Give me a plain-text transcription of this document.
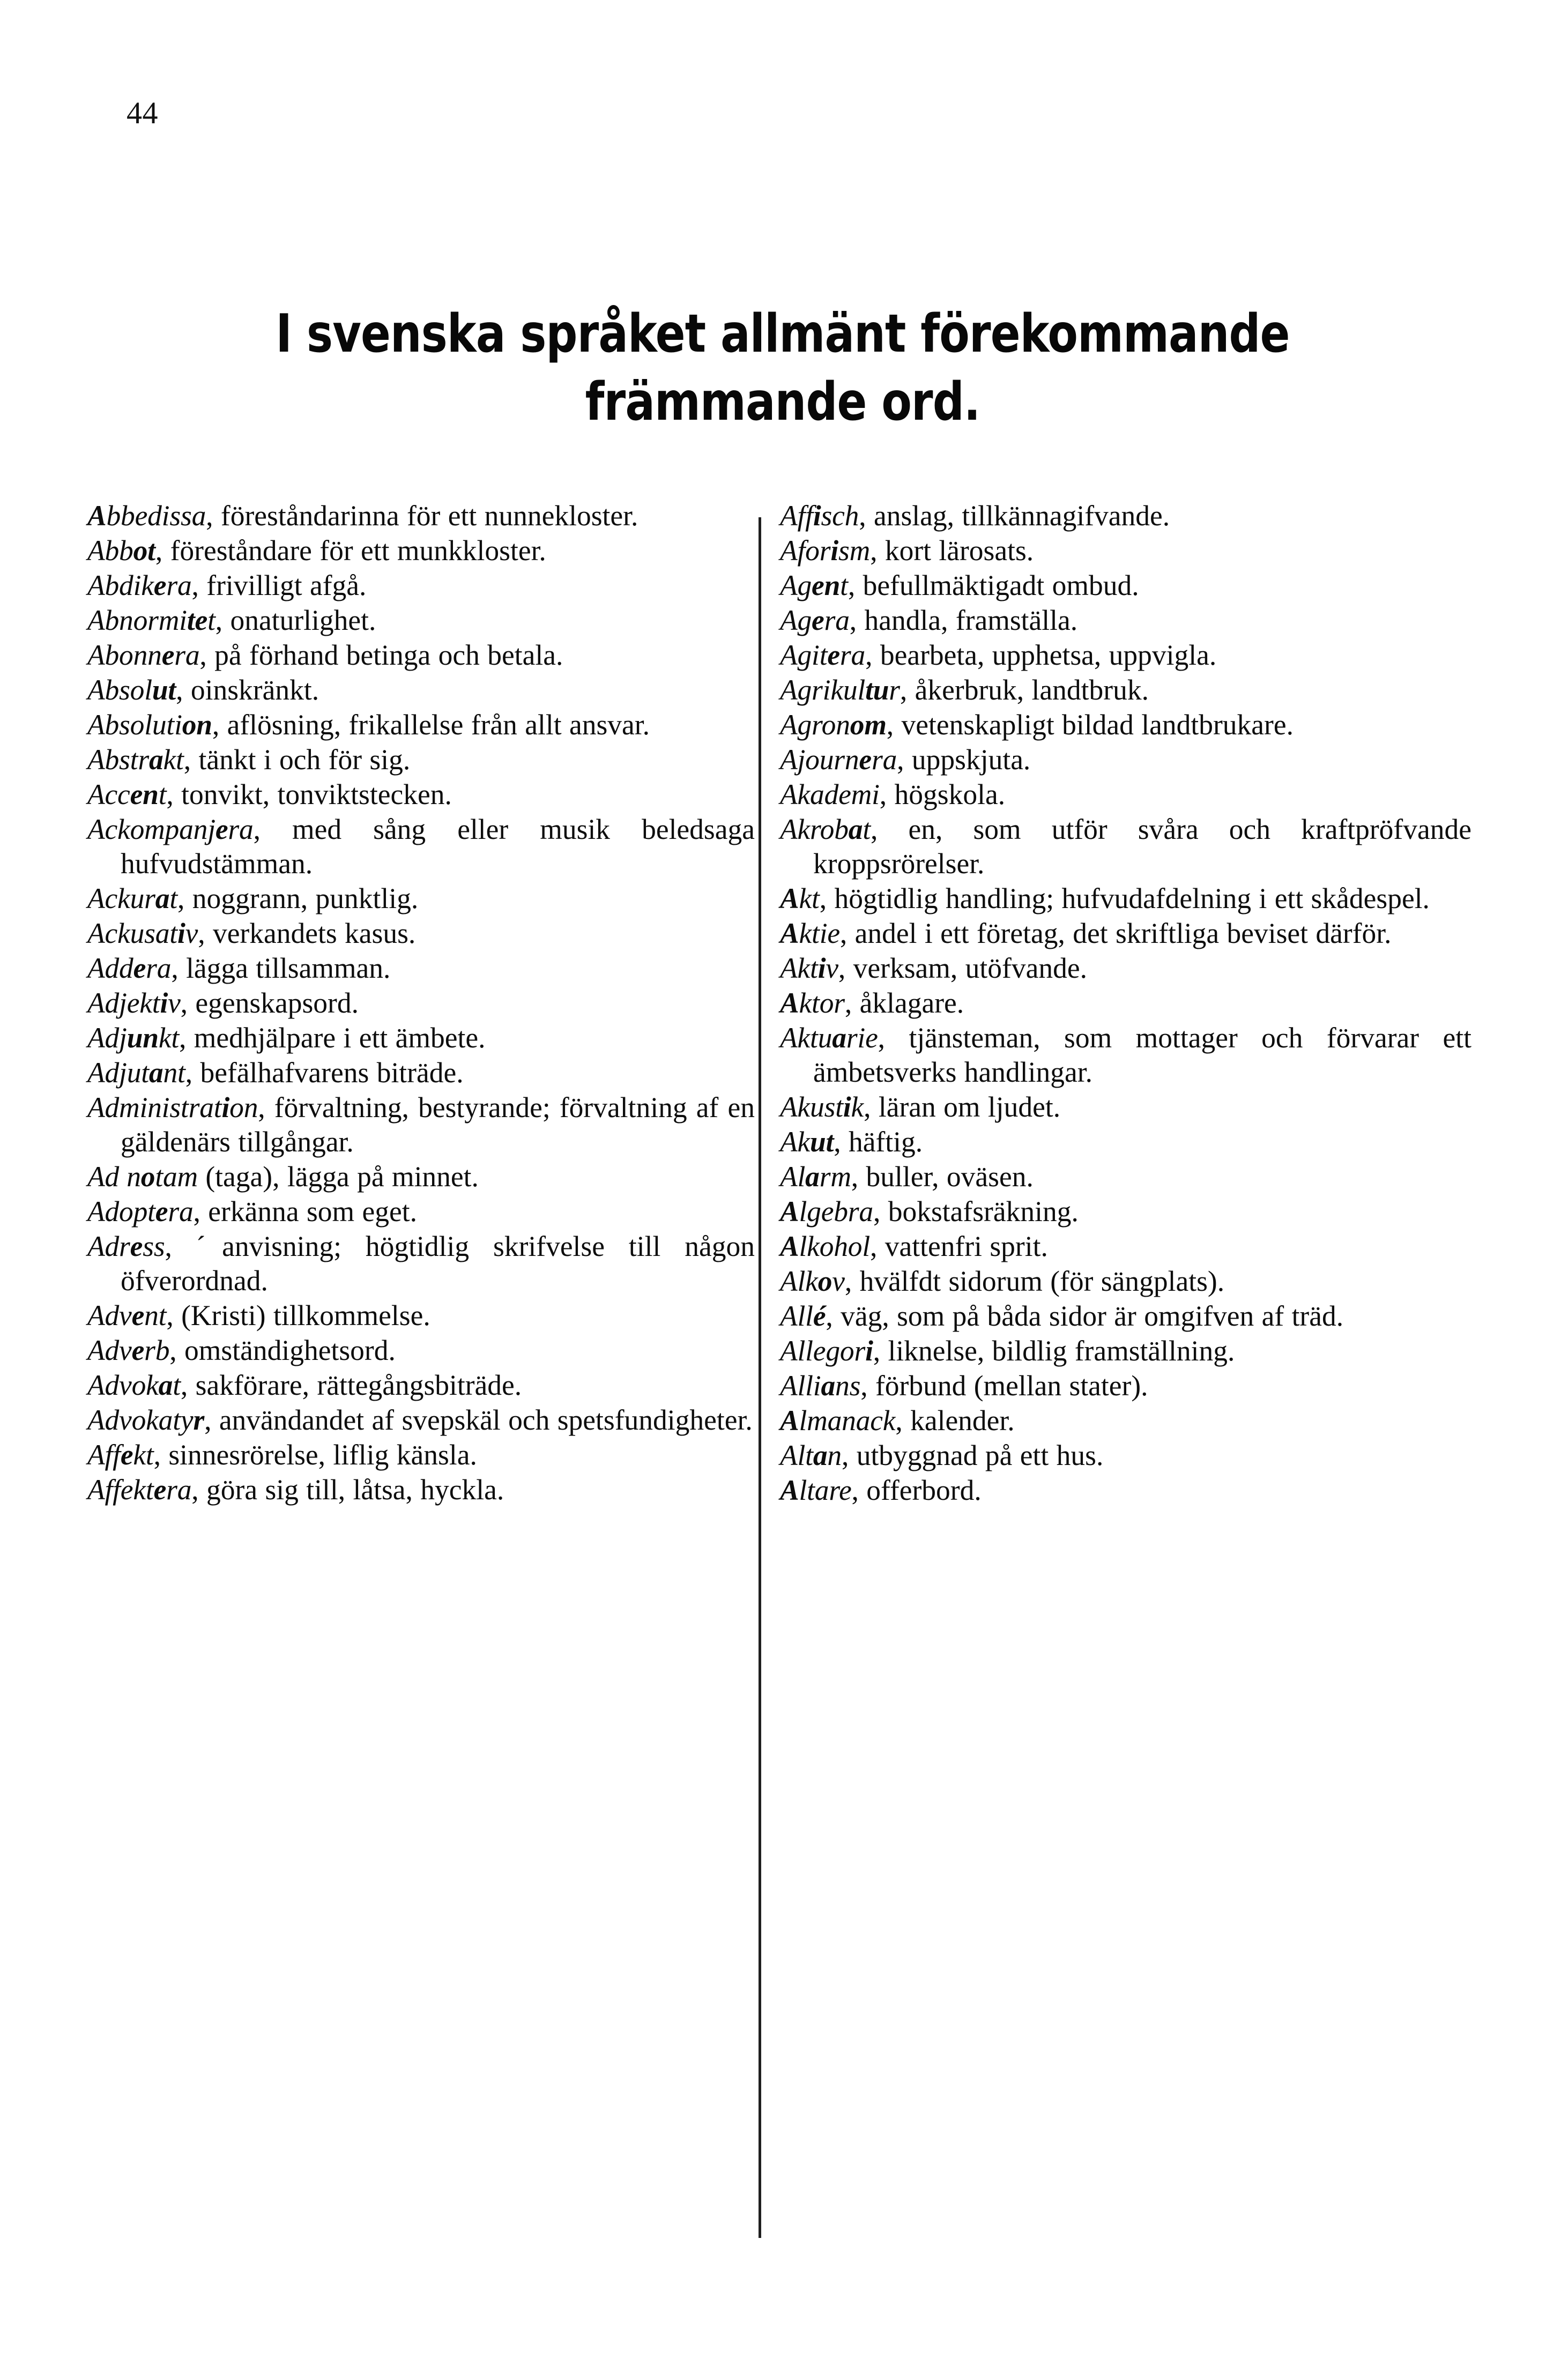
44
I svenska språket allmänt förekommande
främmande ord.

Abbedissa, föreståndarinna för ett nunnekloster.

Abbot, föreståndare för ett munkkloster.

Abdikera, frivilligt afgå.

Abnormitet, onaturlighet.

Abonnera, på förhand betinga och betala.

Absolut, oinskränkt.

Absolution, aflösning, frikallelse från allt ansvar.

Abstrakt, tänkt i och för sig.

Accent, tonvikt, tonviktstecken.

Ackompanjera, med sång eller musik beledsaga hufvudstämman.

Ackurat, noggrann, punktlig.

Ackusativ, verkandets kasus.

Addera, lägga tillsamman.

Adjektiv, egenskapsord.

Adjunkt, medhjälpare i ett ämbete.

Adjutant, befälhafvarens biträde.

Administration, förvaltning, bestyrande; förvaltning af en gäldenärs tillgångar.

Ad notam (taga), lägga på minnet.

Adoptera, erkänna som eget.

Adress, ˊanvisning; högtidlig skrifvelse till någon öfverordnad.

Advent, (Kristi) tillkommelse.

Adverb, omständighetsord.

Advokat, sakförare, rättegångsbiträde.

Advokatyr, användandet af svepskäl och spetsfundigheter.

Affekt, sinnesrörelse, liflig känsla.

Affektera, göra sig till, låtsa, hyckla.

Affisch, anslag, tillkännagifvande.

Aforism, kort lärosats.

Agent, befullmäktigadt ombud.

Agera, handla, framställa.

Agitera, bearbeta, upphetsa, uppvigla.

Agrikultur, åkerbruk, landtbruk.

Agronom, vetenskapligt bildad landtbrukare.

Ajournera, uppskjuta.

Akademi, högskola.

Akrobat, en, som utför svåra och kraftpröfvande kroppsrörelser.

Akt, högtidlig handling; hufvudafdelning i ett skådespel.

Aktie, andel i ett företag, det skriftliga beviset därför.

Aktiv, verksam, utöfvande.

Aktor, åklagare.

Aktuarie, tjänsteman, som mottager och förvarar ett ämbetsverks handlingar.

Akustik, läran om ljudet.

Akut, häftig.

Alarm, buller, oväsen.

Algebra, bokstafsräkning.

Alkohol, vattenfri sprit.

Alkov, hvälfdt sidorum (för sängplats).

Allé, väg, som på båda sidor är omgifven af träd.

Allegori, liknelse, bildlig framställning.

Allians, förbund (mellan stater).

Almanack, kalender.

Altan, utbyggnad på ett hus.

Altare, offerbord.
